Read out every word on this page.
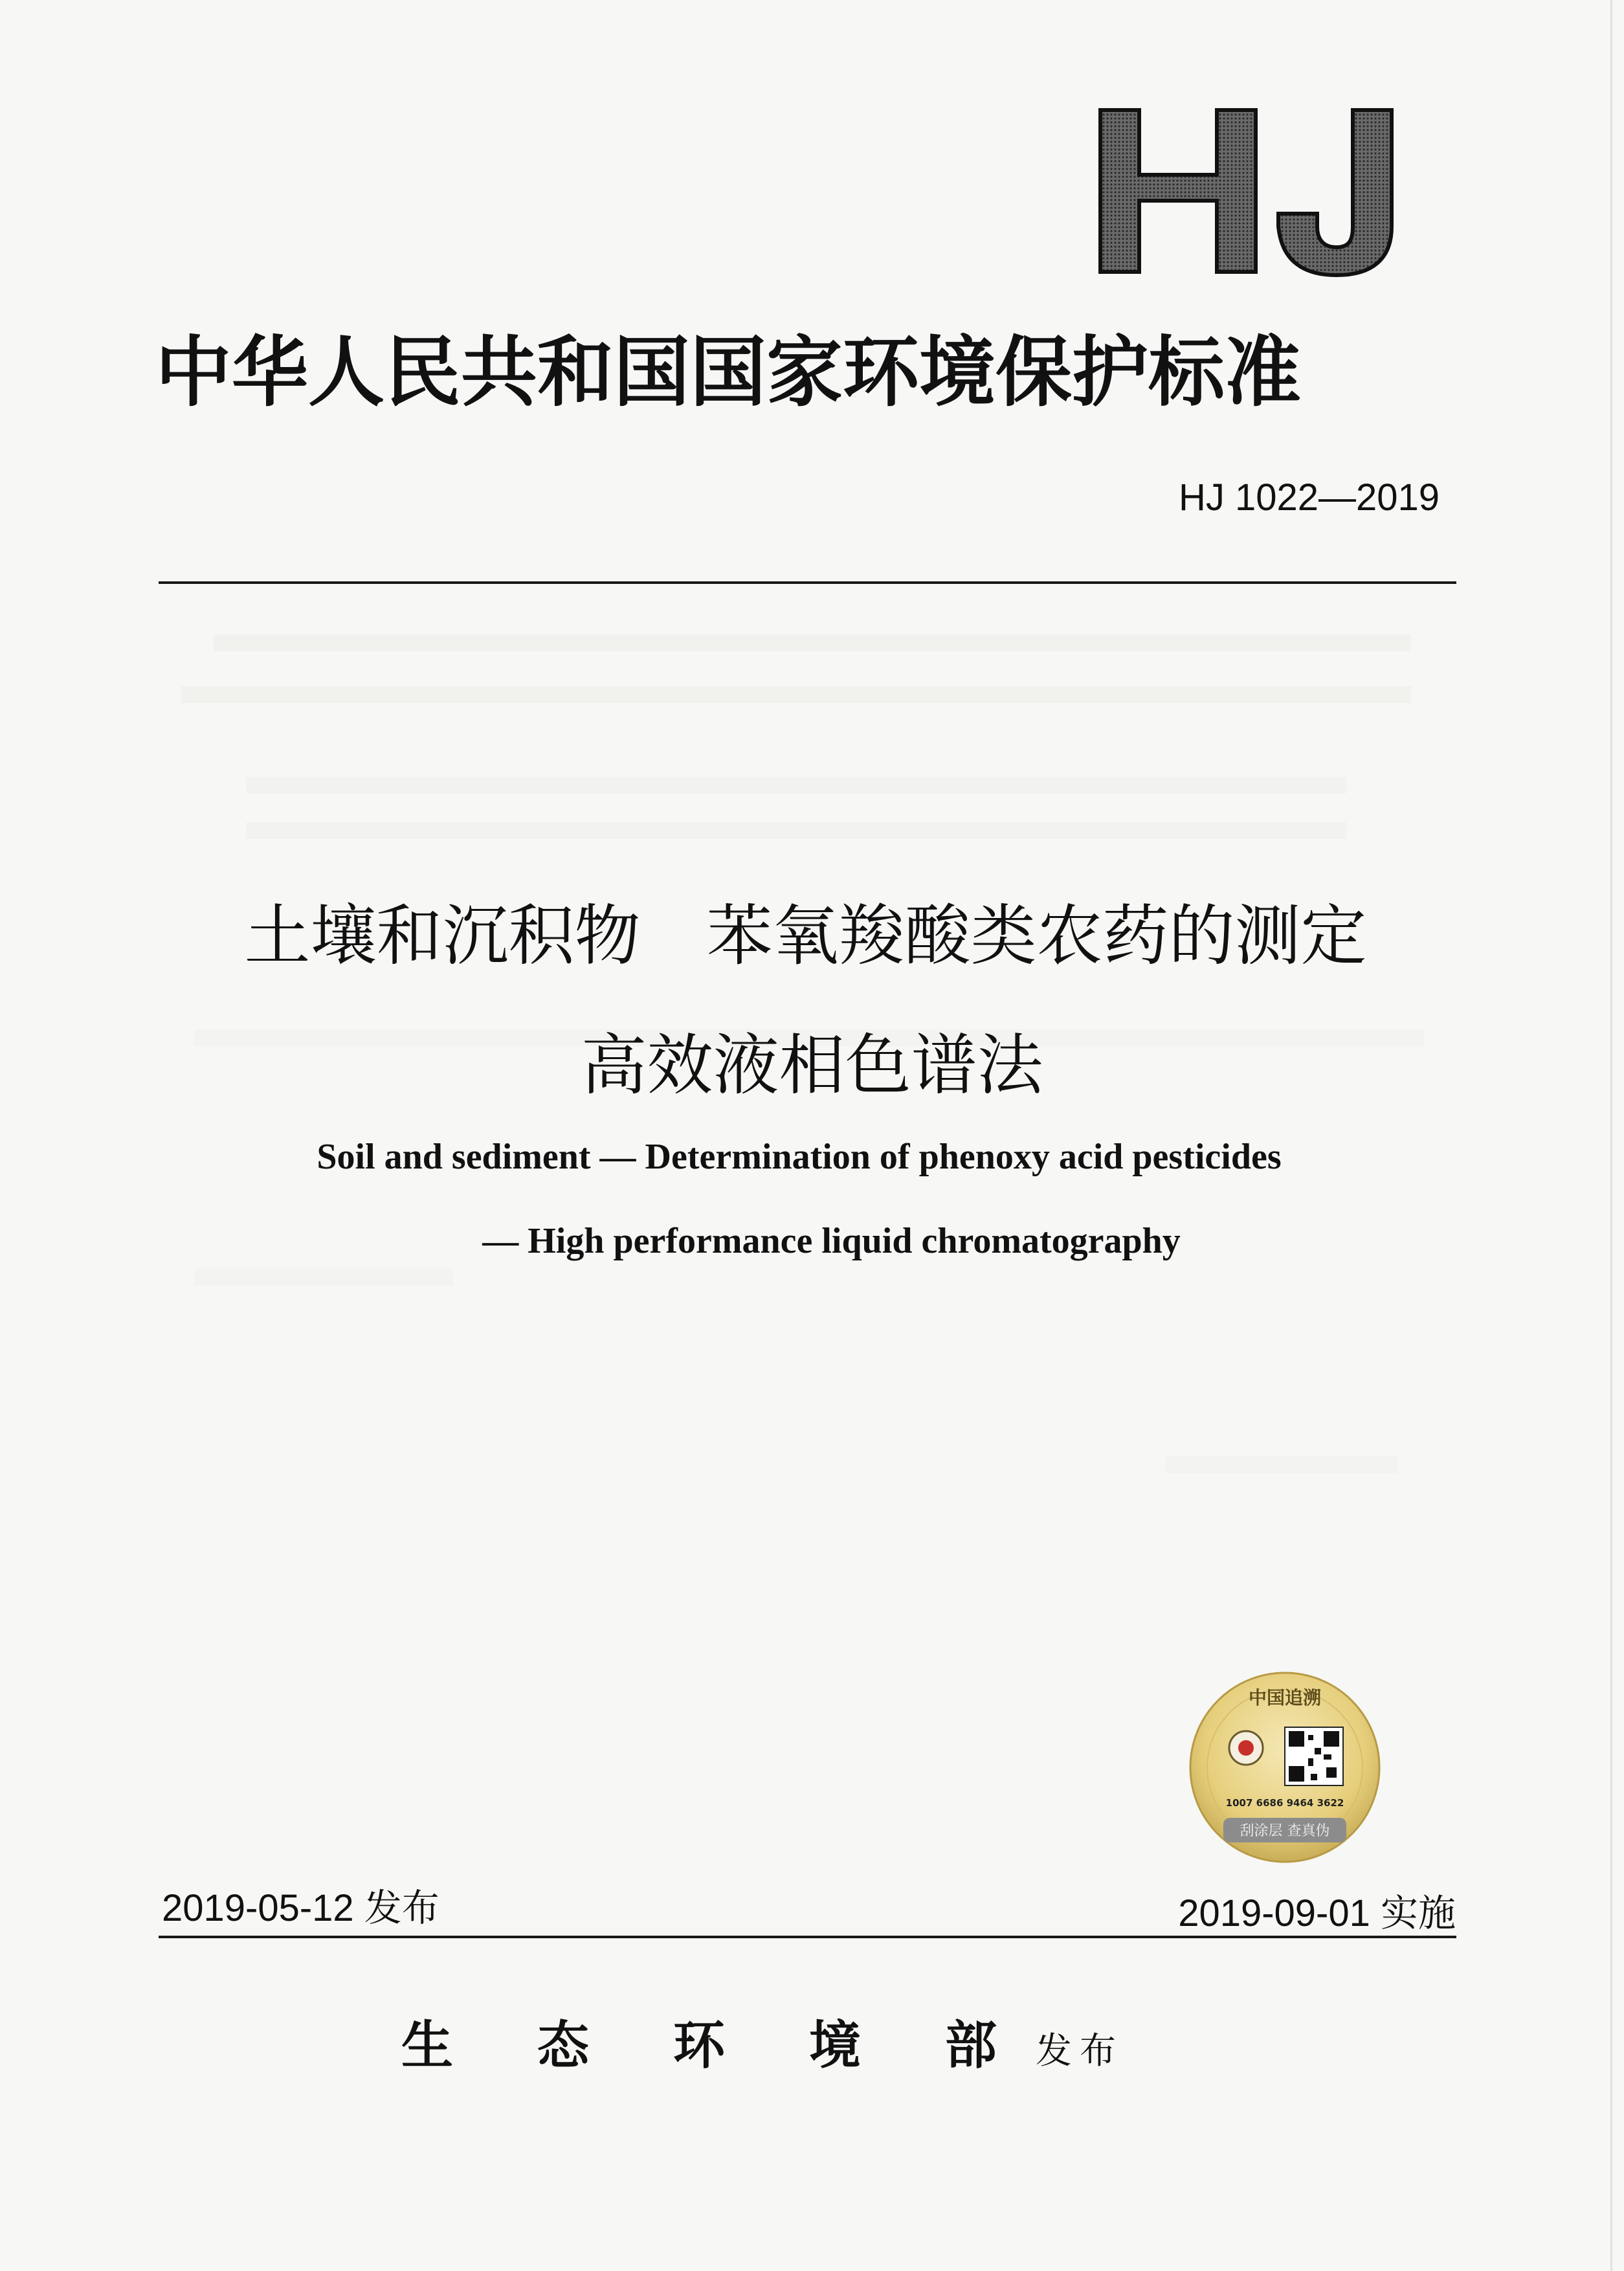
HJ
中华人民共和国国家环境保护标准
HJ 1022—2019
土壤和沉积物　苯氧羧酸类农药的测定
高效液相色谱法
Soil and sediment — Determination of phenoxy acid pesticides
— High performance liquid chromatography
中国追溯
1007 6686 9464 3622
刮涂层 查真伪
2019-05-12 发布	2019-09-01 实施
生 态 环 境 部 发布
